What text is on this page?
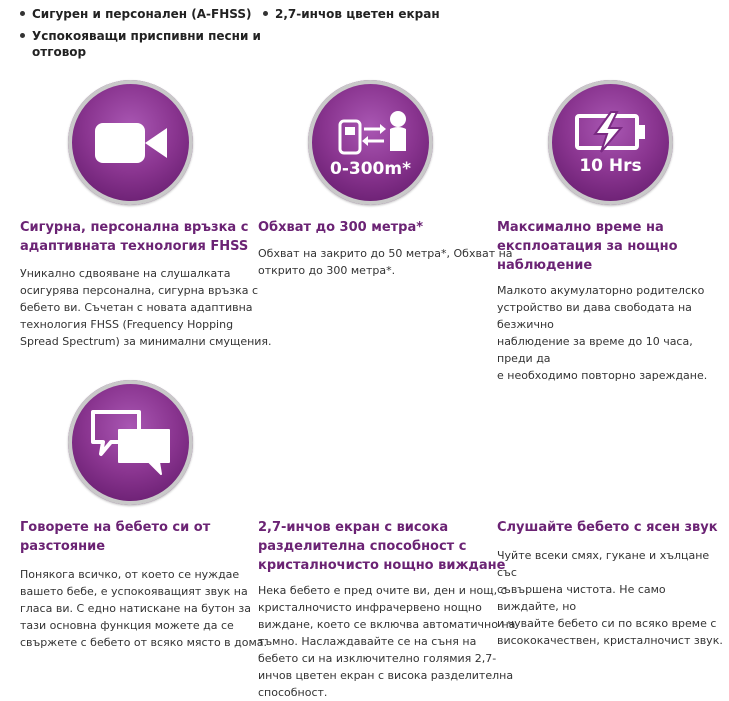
Сигурен и персонален (A-FHSS)
Успокояващи приспивни песни и
отговор
2,7-инчов цветен екран
Сигурна, персонална връзка с
адаптивната технология FHSS
Уникално сдвояване на слушалката
осигурява персонална, сигурна връзка с
бебето ви. Съчетан с новата адаптивна
технология FHSS (Frequency Hopping
Spread Spectrum) за минимални смущения.
0-300m*
Обхват до 300 метра*
Обхват на закрито до 50 метра*, Обхват на
открито до 300 метра*.
10 Hrs
Максимално време на
експлоатация за нощно
наблюдение
Малкото акумулаторно родителско
устройство ви дава свободата на безжично
наблюдение за време до 10 часа, преди да
е необходимо повторно зареждане.
Говорете на бебето си от
разстояние
Понякога всичко, от което се нуждае
вашето бебе, е успокояващият звук на
гласа ви. С едно натискане на бутон за
тази основна функция можете да се
свържете с бебето от всяко място в дома.
2,7-инчов екран с висока
разделителна способност с
кристалночисто нощно виждане
Нека бебето е пред очите ви, ден и нощ, с
кристалночисто инфрачервено нощно
виждане, което се включва автоматично на
тъмно. Наслаждавайте се на съня на
бебето си на изключително голямия 2,7-
инчов цветен екран с висока разделителна
способност.
Слушайте бебето с ясен звук
Чуйте всеки смях, гукане и хълцане със
съвършена чистота. Не само виждайте, но
и чувайте бебето си по всяко време с
висококачествен, кристалночист звук.
